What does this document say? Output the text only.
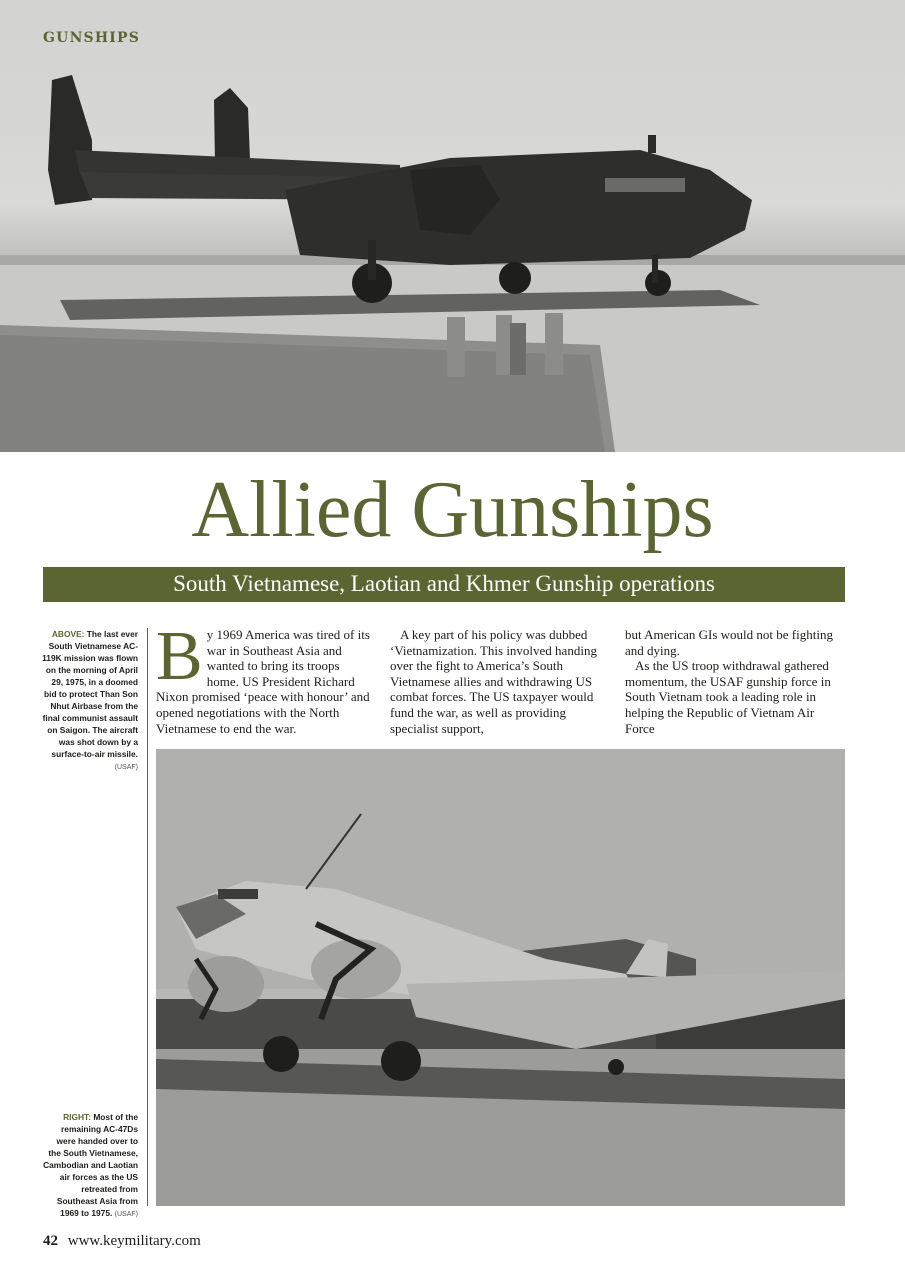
GUNSHIPS
Allied Gunships
South Vietnamese, Laotian and Khmer Gunship operations
ABOVE: The last ever South Vietnamese AC-119K mission was flown on the morning of April 29, 1975, in a doomed bid to protect Than Son Nhut Airbase from the final communist assault on Saigon. The aircraft was shot down by a surface-to-air missile. (USAF)
B y 1969 America was tired of its war in Southeast Asia and wanted to bring its troops home. US President Richard Nixon promised ‘peace with honour’ and opened negotiations with the North Vietnamese to end the war.

A key part of his policy was dubbed ‘Vietnamization. This involved handing over the fight to America’s South Vietnamese allies and withdrawing US combat forces. The US taxpayer would fund the war, as well as providing specialist support,

but American GIs would not be fighting and dying.

As the US troop withdrawal gathered momentum, the USAF gunship force in South Vietnam took a leading role in helping the Republic of Vietnam Air Force

RIGHT: Most of the remaining AC-47Ds were handed over to the South Vietnamese, Cambodian and Laotian air forces as the US retreated from Southeast Asia from 1969 to 1975. (USAF)
42 www.keymilitary.com
